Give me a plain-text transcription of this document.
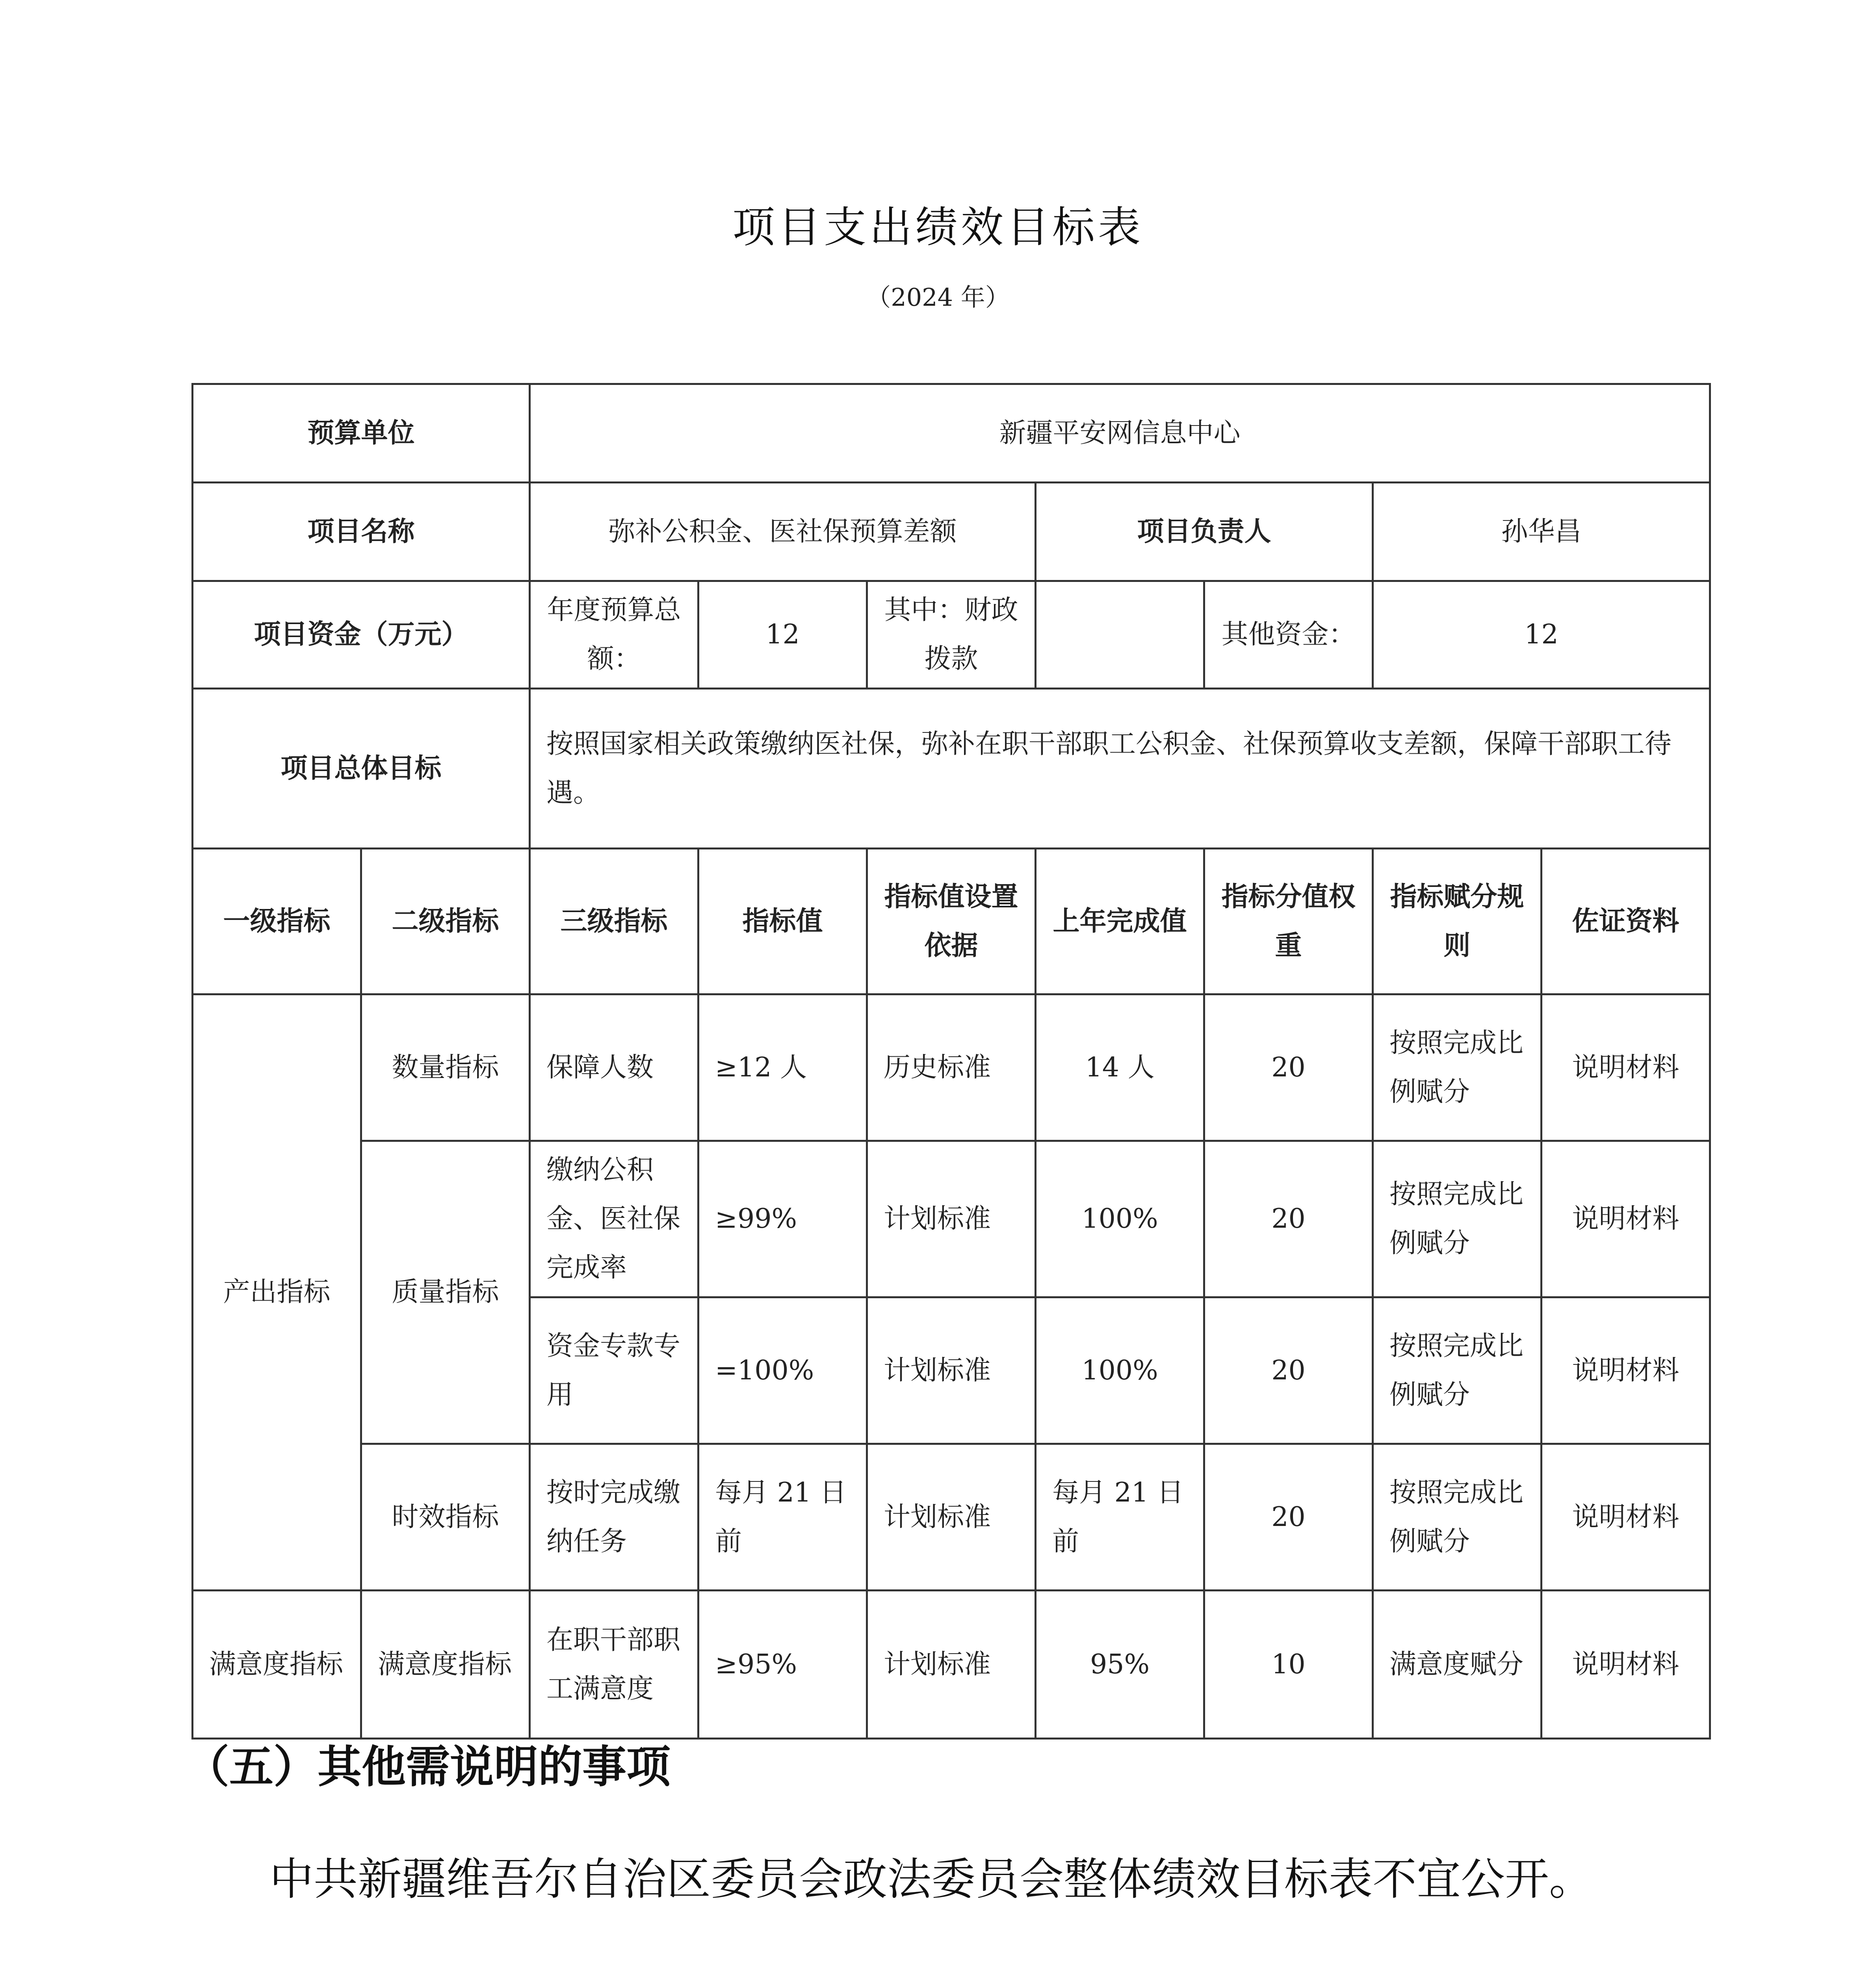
项目支出绩效目标表
（2024 年）
预算单位		新疆平安网信息中心						
项目名称		弥补公积金、医社保预算差额			项目负责人		孙华昌	
项目资金（万元）		年度预算总额：	12	其中：财政拨款		其他资金：	12	
项目总体目标		按照国家相关政策缴纳医社保，弥补在职干部职工公积金、社保预算收支差额，保障干部职工待遇。						
一级指标	二级指标	三级指标	指标值	指标值设置依据	上年完成值	指标分值权重	指标赋分规则	佐证资料
产出指标	数量指标	保障人数	≥12 人	历史标准	14 人	20	按照完成比例赋分	说明材料
	质量指标	缴纳公积金、医社保完成率	≥99%	计划标准	100%	20	按照完成比例赋分	说明材料
		资金专款专用	=100%	计划标准	100%	20	按照完成比例赋分	说明材料
	时效指标	按时完成缴纳任务	每月 21 日前	计划标准	每月 21 日前	20	按照完成比例赋分	说明材料
满意度指标	满意度指标	在职干部职工满意度	≥95%	计划标准	95%	10	满意度赋分	说明材料
（五）其他需说明的事项
中共新疆维吾尔自治区委员会政法委员会整体绩效目标表不宜公开。
